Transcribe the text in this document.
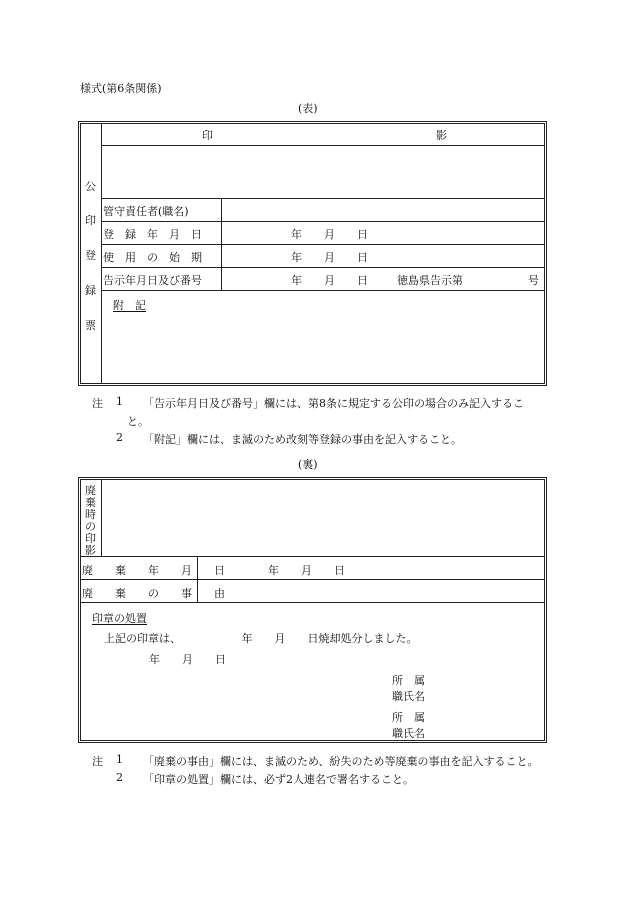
様式(第6条関係)
(表)
公
印
登
録
票
印	影
管守責任者(職名)
登　録　年　月　日	年　　月　　日
使　用　の　始　期	年　　月　　日
告示年月日及び番号	年　　月　　日	徳島県告示第	号
附　記
注 1 「告示年月日及び番号」欄には、第8条に規定する公印の場合のみ記入するこ
と。
2 「附記」欄には、ま滅のため改刻等登録の事由を記入すること。
(裏)
廃
棄
時
の
印
影
廃　　棄　　年　　月　　日	年　　月　　日
廃　　棄　　の　　事　　由
印章の処置
上記の印章は、　　　　　　年　　月　　日焼却処分しました。
年　　月　　日
所　属
職氏名
所　属
職氏名
注 1 「廃棄の事由」欄には、ま滅のため、紛失のため等廃棄の事由を記入すること。
2 「印章の処置」欄には、必ず2人連名で署名すること。
